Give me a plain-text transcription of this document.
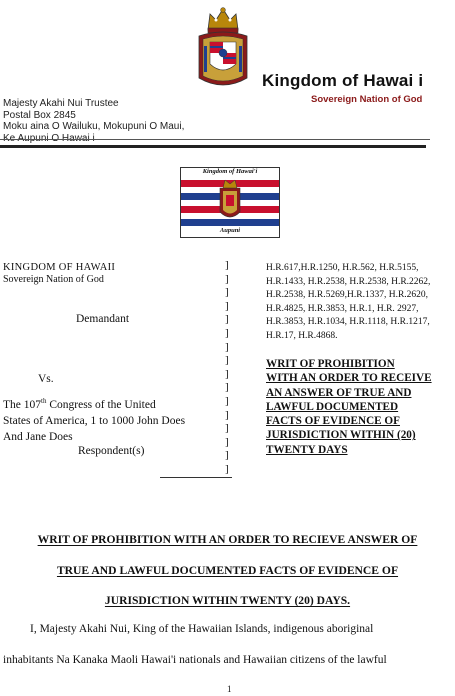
Kingdom of Hawai i
Sovereign Nation of God
Majesty Akahi Nui Trustee
Postal Box 2845
Moku aina O Wailuku, Mokupuni O Maui,
Kingdom of Hawai'i
Aupuni
KINGDOM OF HAWAII
Sovereign Nation of God
Demandant
Vs.
The 107th Congress of the United
States of America, 1 to 1000 John Does
And Jane Does
Respondent(s)
]
]
]
]
]
]
]
]
]
]
]
]
]
]
]
]
H.R.617,H.R.1250, H.R.562, H.R.5155,
H.R.1433, H.R.2538, H.R.2538, H.R.2262,
H.R.2538, H.R.5269,H.R.1337, H.R.2620,
H.R.4825, H.R.3853, H.R.1, H.R. 2927,
H.R.3853, H.R.1034, H.R.1118, H.R.1217,
H.R.17, H.R.4868.
WRIT OF PROHIBITION
WITH AN ORDER TO RECEIVE
AN ANSWER OF TRUE AND
LAWFUL DOCUMENTED
FACTS OF EVIDENCE OF
JURISDICTION WITHIN (20)
TWENTY DAYS
WRIT OF PROHIBITION WITH AN ORDER TO RECIEVE ANSWER OF
TRUE AND LAWFUL DOCUMENTED FACTS OF EVIDENCE OF
JURISDICTION WITHIN TWENTY (20) DAYS.
I, Majesty Akahi Nui, King of the Hawaiian Islands, indigenous aboriginal
inhabitants Na Kanaka Maoli Hawai'i nationals and Hawaiian citizens of the lawful
1
